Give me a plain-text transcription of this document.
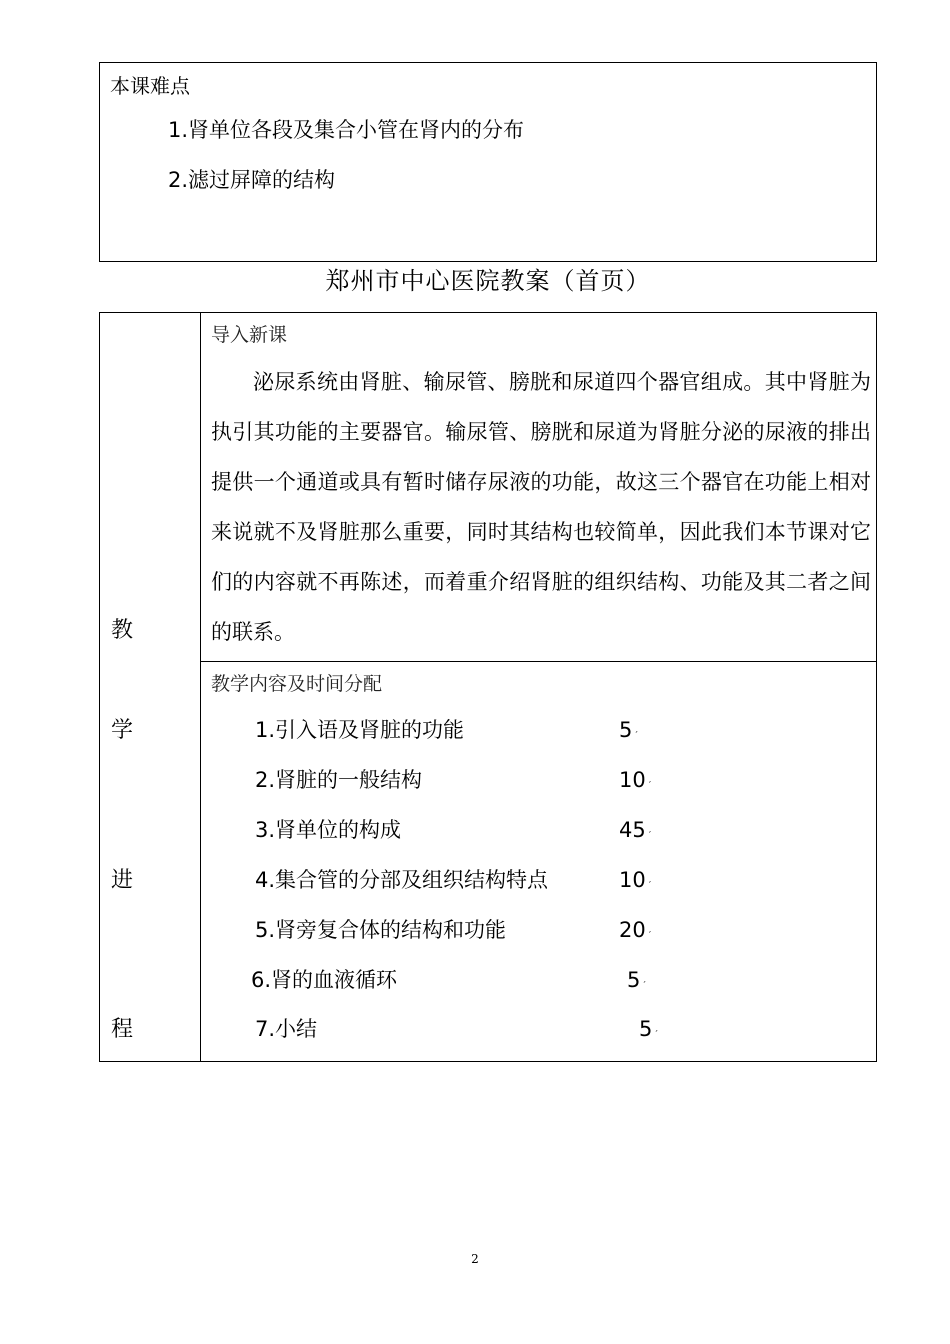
本课难点
1.肾单位各段及集合小管在肾内的分布
2.滤过屏障的结构
郑州市中心医院教案（首页）
教
学
进
程
导入新课

泌尿系统由肾脏、输尿管、膀胱和尿道四个器官组成。其中肾脏为执引其功能的主要器官。输尿管、膀胱和尿道为肾脏分泌的尿液的排出提供一个通道或具有暂时储存尿液的功能，故这三个器官在功能上相对来说就不及肾脏那么重要，同时其结构也较简单，因此我们本节课对它们的内容就不再陈述，而着重介绍肾脏的组织结构、功能及其二者之间的联系。

教学内容及时间分配
1.引入语及肾脏的功能	5 ′
2.肾脏的一般结构	10 ′
3.肾单位的构成	45 ′
4.集合管的分部及组织结构特点	10 ′
5.肾旁复合体的结构和功能	20 ′
6.肾的血液循环	5 ′
7.小结	5 ′
2
